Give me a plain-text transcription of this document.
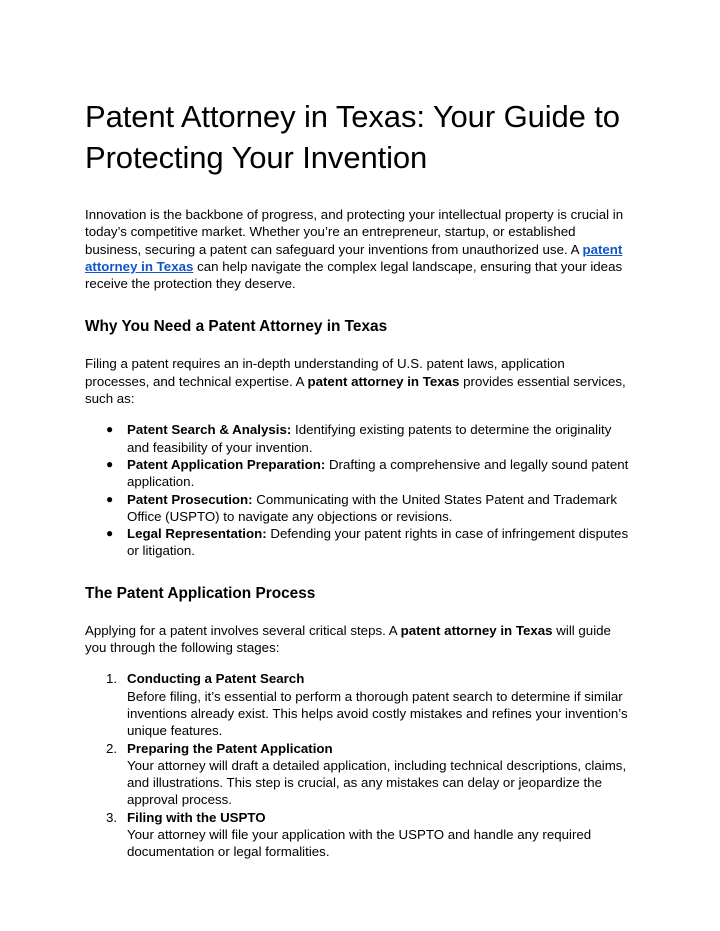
Patent Attorney in Texas: Your Guide to Protecting Your Invention

Innovation is the backbone of progress, and protecting your intellectual property is crucial in today’s competitive market. Whether you’re an entrepreneur, startup, or established business, securing a patent can safeguard your inventions from unauthorized use. A patent attorney in Texas can help navigate the complex legal landscape, ensuring that your ideas receive the protection they deserve.

Why You Need a Patent Attorney in Texas

Filing a patent requires an in-depth understanding of U.S. patent laws, application processes, and technical expertise. A patent attorney in Texas provides essential services, such as:

● Patent Search & Analysis: Identifying existing patents to determine the originality and feasibility of your invention.
● Patent Application Preparation: Drafting a comprehensive and legally sound patent application.
● Patent Prosecution: Communicating with the United States Patent and Trademark Office (USPTO) to navigate any objections or revisions.
● Legal Representation: Defending your patent rights in case of infringement disputes or litigation.
The Patent Application Process

Applying for a patent involves several critical steps. A patent attorney in Texas will guide you through the following stages:

1. Conducting a Patent Search
Before filing, it’s essential to perform a thorough patent search to determine if similar inventions already exist. This helps avoid costly mistakes and refines your invention’s unique features.
2. Preparing the Patent Application
Your attorney will draft a detailed application, including technical descriptions, claims, and illustrations. This step is crucial, as any mistakes can delay or jeopardize the approval process.
3. Filing with the USPTO
Your attorney will file your application with the USPTO and handle any required documentation or legal formalities.
